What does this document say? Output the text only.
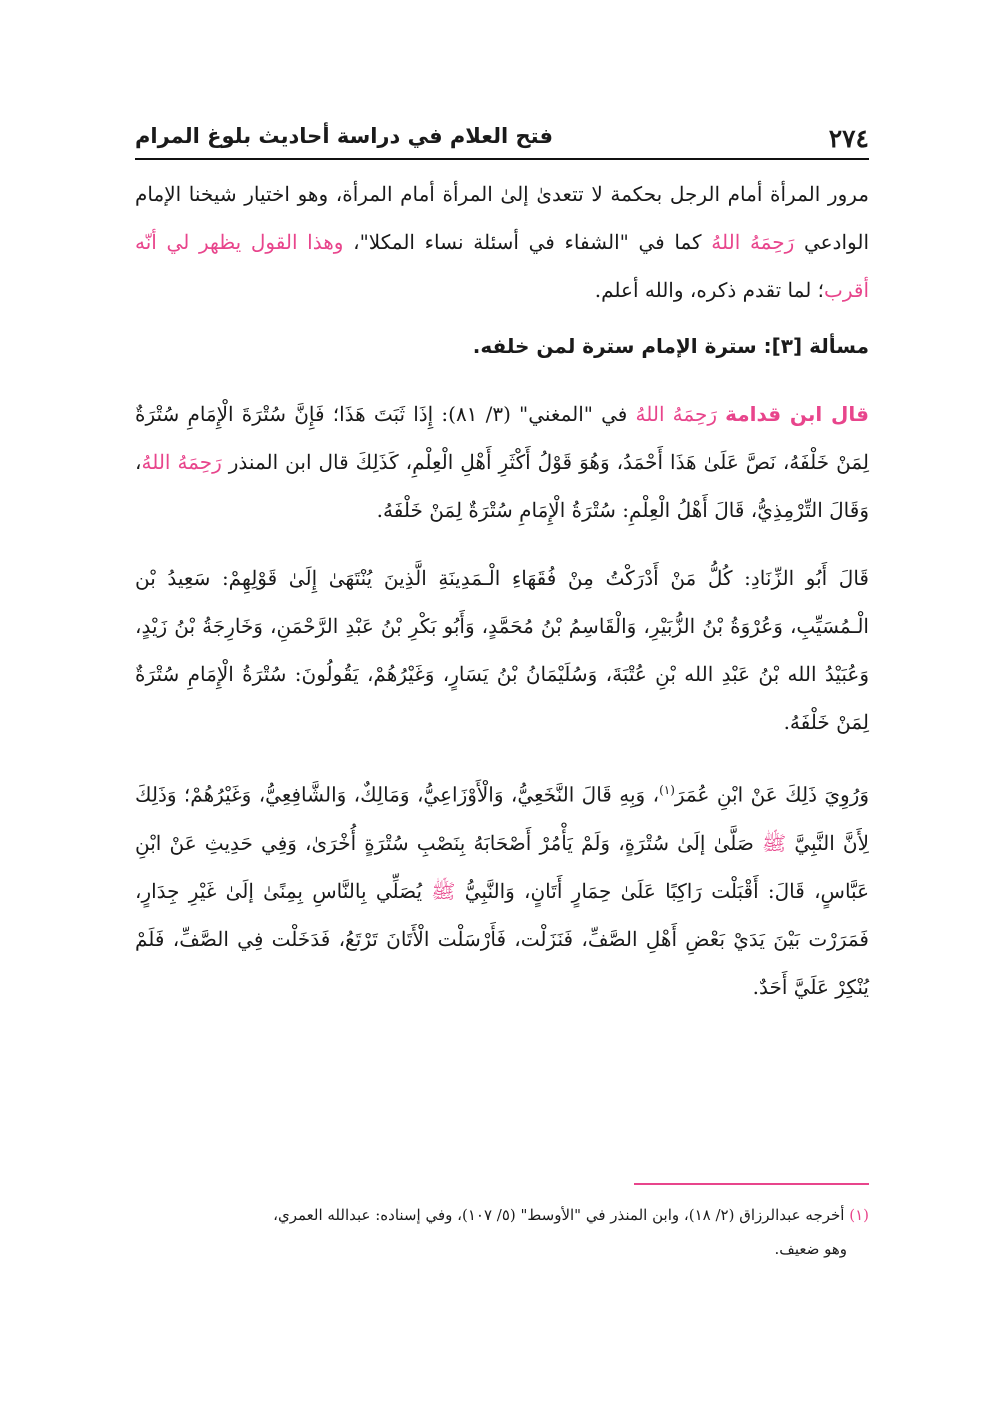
٢٧٤
فتح العلام في دراسة أحاديث بلوغ المرام

مرور المرأة أمام الرجل بحكمة لا تتعدىٰ إلىٰ المرأة أمام المرأة، وهو اختيار شيخنا الإمام الوادعي رَحِمَهُ اللهُ كما في "الشفاء في أسئلة نساء المكلا"، وهذا القول يظهر لي أنّه أقرب؛ لما تقدم ذكره، والله أعلم.

مسألة [٣]: سترة الإمام سترة لمن خلفه.

قال ابن قدامة رَحِمَهُ اللهُ في "المغني" (٣/ ٨١): إِذَا ثَبَتَ هَذَا؛ فَإِنَّ سُتْرَةَ الْإِمَامِ سُتْرَةٌ لِمَنْ خَلْفَهُ، نَصَّ عَلَىٰ هَذَا أَحْمَدُ، وَهُوَ قَوْلُ أَكْثَرِ أَهْلِ الْعِلْمِ، كَذَلِكَ قال ابن المنذر رَحِمَهُ اللهُ، وَقَالَ التِّرْمِذِيُّ، قَالَ أَهْلُ الْعِلْمِ: سُتْرَةُ الْإِمَامِ سُتْرَةٌ لِمَنْ خَلْفَهُ.

قَالَ أَبُو الزِّنَادِ: كُلُّ مَنْ أَدْرَكْتُ مِنْ فُقَهَاءِ الْـمَدِينَةِ الَّذِينَ يُنْتَهَىٰ إِلَىٰ قَوْلِهِمْ: سَعِيدُ بْن الْـمُسَيِّبِ، وَعُرْوَةُ بْنُ الزُّبَيْرِ، وَالْقَاسِمُ بْنُ مُحَمَّدٍ، وَأَبُو بَكْرِ بْنُ عَبْدِ الرَّحْمَنِ، وَخَارِجَةُ بْنُ زَيْدٍ، وَعُبَيْدُ الله بْنُ عَبْدِ الله بْنِ عُتْبَةَ، وَسُلَيْمَانُ بْنُ يَسَارٍ، وَغَيْرُهُمْ، يَقُولُونَ: سُتْرَةُ الْإِمَامِ سُتْرَةٌ لِمَنْ خَلْفَهُ.

وَرُوِيَ ذَلِكَ عَنْ ابْنِ عُمَرَ$^{(١)}$، وَبِهِ قَالَ النَّخَعِيُّ، وَالْأَوْزَاعِيُّ، وَمَالِكٌ، وَالشَّافِعِيُّ، وَغَيْرُهُمْ؛ وَذَلِكَ لِأَنَّ النَّبِيَّ ﷺ صَلَّىٰ إلَىٰ سُتْرَةٍ، وَلَمْ يَأْمُرْ أَصْحَابَهُ بِنَصْبِ سُتْرَةٍ أُخْرَىٰ، وَفِي حَدِيثِ عَنْ ابْنِ عَبَّاسٍ، قَالَ: أَقْبَلْت رَاكِبًا عَلَىٰ حِمَارٍ أَتَانٍ، وَالنَّبِيُّ ﷺ يُصَلِّي بِالنَّاسِ بِمِنًىٰ إلَىٰ غَيْرِ جِدَارٍ، فَمَرَرْت بَيْنَ يَدَيْ بَعْضِ أَهْلِ الصَّفِّ، فَنَزَلْت، فَأَرْسَلْت الْأَتَانَ تَرْتَعُ، فَدَخَلْت فِي الصَّفِّ، فَلَمْ يُنْكِرْ عَلَيَّ أَحَدٌ.

(١) أخرجه عبدالرزاق (٢/ ١٨)، وابن المنذر في "الأوسط" (٥/ ١٠٧)، وفي إسناده: عبدالله العمري،
وهو ضعيف.
